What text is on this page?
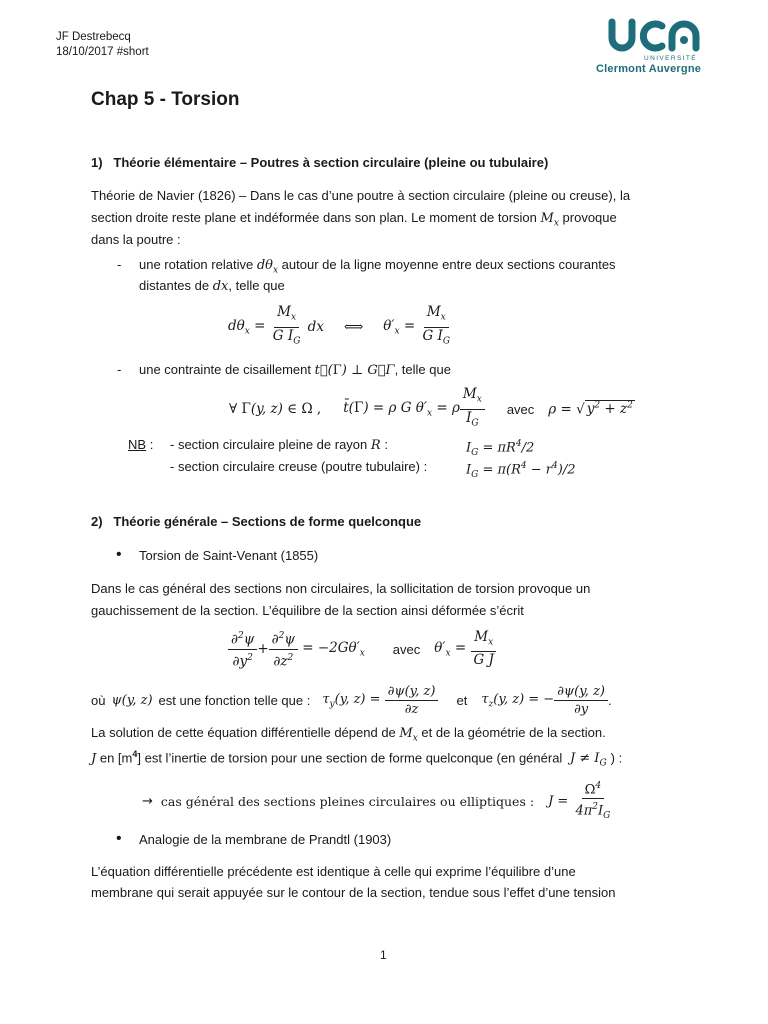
JF Destrebecq
18/10/2017 #short
UNIVERSITÉ
Clermont Auvergne
Chap 5 - Torsion
1)   Théorie élémentaire – Poutres à section circulaire (pleine ou tubulaire)
Théorie de Navier (1826) – Dans le cas d’une poutre à section circulaire (pleine ou creuse), la
section droite reste plane et indéformée dans son plan. Le moment de torsion $M_x$ provoque
dans la poutre :
- une rotation relative $d\theta_x$ autour de la ligne moyenne entre deux sections courantes
distantes de dx, telle que
$d\theta_x = \frac{M_x}{G I_G}$ dx ⟺ $\theta'_x = \frac{M_x}{G I_G}$
- une contrainte de cisaillement t⃗(Γ) ⊥ G⃗Γ, telle que
∀ Γ (y, z) ∈ Ω , t̄(Γ) = ρ G $\theta'_x = \rho \frac{M_x}{I_G}$ avec ρ = √ $y^2 + z^2$
NB : - section circulaire pleine de rayon R :	$I_G = \pi R^4/2$
- section circulaire creuse (poutre tubulaire) :	$I_G = \pi(R^4 - r^4)/2$
2)   Théorie générale – Sections de forme quelconque
• Torsion de Saint-Venant (1855)
Dans le cas général des sections non circulaires, la sollicitation de torsion provoque un
gauchissement de la section. L’équilibre de la section ainsi déformée s’écrit
$\frac{\partial^2\psi}{\partial y^2} + \frac{\partial^2\psi}{\partial z^2} = -2G\theta'_x$ avec $\theta'_x = \frac{M_x}{\text{G J}}$
où ψ(y, z) est une fonction telle que : $\tau_y(y$, $z) = \frac{\partial\psi(y, z)}{\partial z}$ et $\tau_z(y$, z) = − $\frac{\partial\psi(y, z)}{\partial y}$ .
La solution de cette équation différentielle dépend de $M_x$ et de la géométrie de la section.
J en $[m^4]$ est l’inertie de torsion pour une section de forme quelconque (en général $J \ne I_G$ ) :
→ cas général des sections pleines circulaires ou elliptiques : $J = \frac{\Omega^4}{4\pi^2I_G}$
• Analogie de la membrane de Prandtl (1903)
L’équation différentielle précédente est identique à celle qui exprime l’équilibre d’une
membrane qui serait appuyée sur le contour de la section, tendue sous l’effet d’une tension
1
